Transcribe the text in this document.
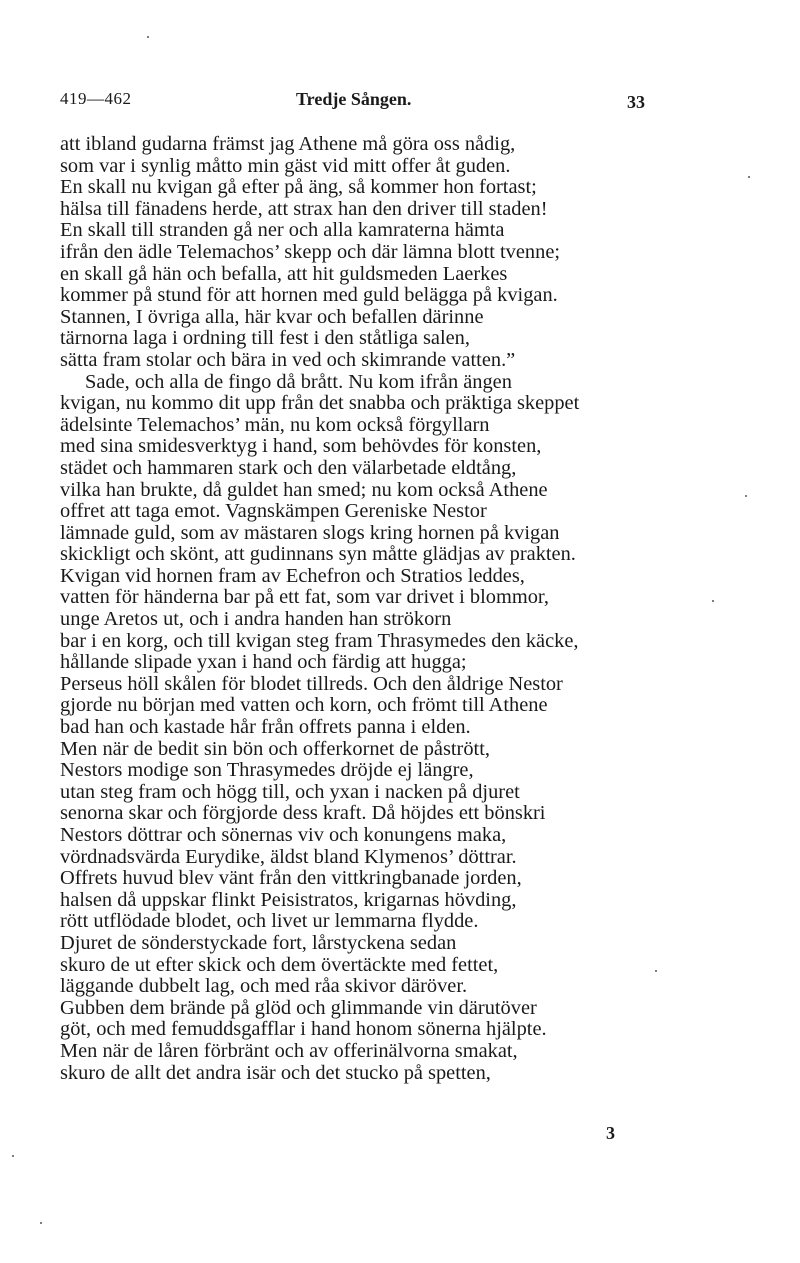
419—462	Tredje Sången.	33
att ibland gudarna främst jag Athene må göra oss nådig,
som var i synlig måtto min gäst vid mitt offer åt guden.
En skall nu kvigan gå efter på äng, så kommer hon fortast;
hälsa till fänadens herde, att strax han den driver till staden!
En skall till stranden gå ner och alla kamraterna hämta
ifrån den ädle Telemachos’ skepp och där lämna blott tvenne;
en skall gå hän och befalla, att hit guldsmeden Laerkes
kommer på stund för att hornen med guld belägga på kvigan.
Stannen, I övriga alla, här kvar och befallen därinne
tärnorna laga i ordning till fest i den ståtliga salen,
sätta fram stolar och bära in ved och skimrande vatten.”
Sade, och alla de fingo då brått. Nu kom ifrån ängen
kvigan, nu kommo dit upp från det snabba och präktiga skeppet
ädelsinte Telemachos’ män, nu kom också förgyllarn
med sina smidesverktyg i hand, som behövdes för konsten,
städet och hammaren stark och den välarbetade eldtång,
vilka han brukte, då guldet han smed; nu kom också Athene
offret att taga emot. Vagnskämpen Gereniske Nestor
lämnade guld, som av mästaren slogs kring hornen på kvigan
skickligt och skönt, att gudinnans syn måtte glädjas av prakten.
Kvigan vid hornen fram av Echefron och Stratios leddes,
vatten för händerna bar på ett fat, som var drivet i blommor,
unge Aretos ut, och i andra handen han strökorn
bar i en korg, och till kvigan steg fram Thrasymedes den käcke,
hållande slipade yxan i hand och färdig att hugga;
Perseus höll skålen för blodet tillreds. Och den åldrige Nestor
gjorde nu början med vatten och korn, och frömt till Athene
bad han och kastade hår från offrets panna i elden.
Men när de bedit sin bön och offerkornet de påstrött,
Nestors modige son Thrasymedes dröjde ej längre,
utan steg fram och högg till, och yxan i nacken på djuret
senorna skar och förgjorde dess kraft. Då höjdes ett bönskri
Nestors döttrar och sönernas viv och konungens maka,
vördnadsvärda Eurydike, äldst bland Klymenos’ döttrar.
Offrets huvud blev vänt från den vittkringbanade jorden,
halsen då uppskar flinkt Peisistratos, krigarnas hövding,
rött utflödade blodet, och livet ur lemmarna flydde.
Djuret de sönderstyckade fort, lårstyckena sedan
skuro de ut efter skick och dem övertäckte med fettet,
läggande dubbelt lag, och med råa skivor däröver.
Gubben dem brände på glöd och glimmande vin därutöver
göt, och med femuddsgafflar i hand honom sönerna hjälpte.
Men när de låren förbränt och av offerinälvorna smakat,
skuro de allt det andra isär och det stucko på spetten,
3
